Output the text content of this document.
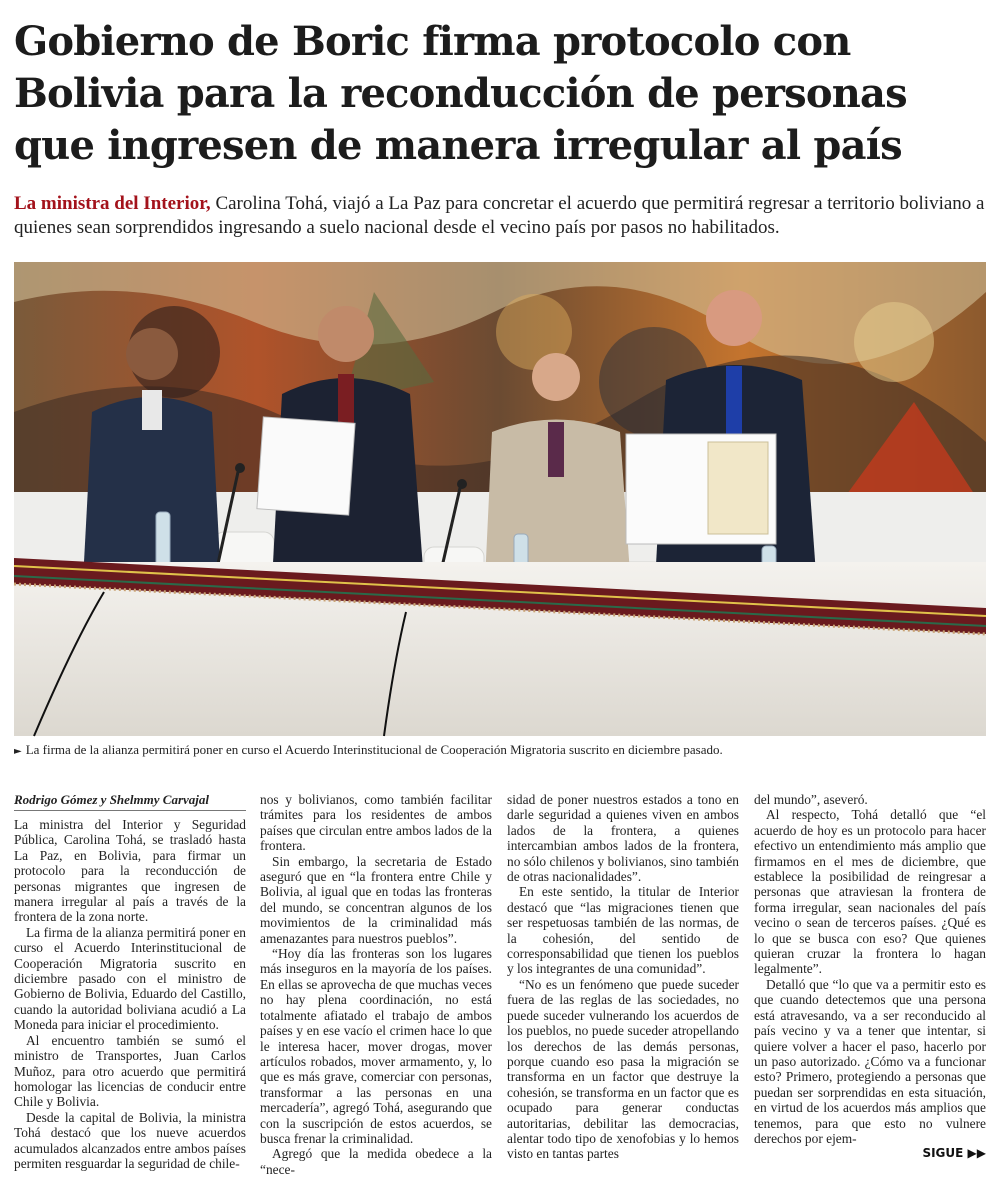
Gobierno de Boric firma protocolo con Bolivia para la reconducción de personas que ingresen de manera irregular al país

La ministra del Interior, Carolina Tohá, viajó a La Paz para concretar el acuerdo que permitirá regresar a territorio boliviano a quienes sean sorprendidos ingresando a suelo nacional desde el vecino país por pasos no habilitados.

► La firma de la alianza permitirá poner en curso el Acuerdo Interinstitucional de Cooperación Migratoria suscrito en diciembre pasado.

Rodrigo Gómez y Shelmmy Carvajal

La ministra del Interior y Seguridad Pública, Carolina Tohá, se trasladó hasta La Paz, en Bolivia, para firmar un protocolo para la reconducción de personas migrantes que ingresen de manera irregular al país a través de la frontera de la zona norte.

La firma de la alianza permitirá poner en curso el Acuerdo Interinstitucional de Cooperación Migratoria suscrito en diciembre pasado con el ministro de Gobierno de Bolivia, Eduardo del Castillo, cuando la autoridad boliviana acudió a La Moneda para iniciar el procedimiento.

Al encuentro también se sumó el ministro de Transportes, Juan Carlos Muñoz, para otro acuerdo que permitirá homologar las licencias de conducir entre Chile y Bolivia.

Desde la capital de Bolivia, la ministra Tohá destacó que los nueve acuerdos acumulados alcanzados entre ambos países permiten resguardar la seguridad de chile-

nos y bolivianos, como también facilitar trámites para los residentes de ambos países que circulan entre ambos lados de la frontera.

Sin embargo, la secretaria de Estado aseguró que en “la frontera entre Chile y Bolivia, al igual que en todas las fronteras del mundo, se concentran algunos de los movimientos de la criminalidad más amenazantes para nuestros pueblos”.

“Hoy día las fronteras son los lugares más inseguros en la mayoría de los países. En ellas se aprovecha de que muchas veces no hay plena coordinación, no está totalmente afiatado el trabajo de ambos países y en ese vacío el crimen hace lo que le interesa hacer, mover drogas, mover artículos robados, mover armamento, y, lo que es más grave, comerciar con personas, transformar a las personas en una mercadería”, agregó Tohá, asegurando que con la suscripción de estos acuerdos, se busca frenar la criminalidad.

Agregó que la medida obedece a la “nece-

sidad de poner nuestros estados a tono en darle seguridad a quienes viven en ambos lados de la frontera, a quienes intercambian ambos lados de la frontera, no sólo chilenos y bolivianos, sino también de otras nacionalidades”.

En este sentido, la titular de Interior destacó que “las migraciones tienen que ser respetuosas también de las normas, de la cohesión, del sentido de corresponsabilidad que tienen los pueblos y los integrantes de una comunidad”.

“No es un fenómeno que puede suceder fuera de las reglas de las sociedades, no puede suceder vulnerando los acuerdos de los pueblos, no puede suceder atropellando los derechos de las demás personas, porque cuando eso pasa la migración se transforma en un factor que destruye la cohesión, se transforma en un factor que es ocupado para generar conductas autoritarias, debilitar las democracias, alentar todo tipo de xenofobias y lo hemos visto en tantas partes

del mundo”, aseveró.

Al respecto, Tohá detalló que “el acuerdo de hoy es un protocolo para hacer efectivo un entendimiento más amplio que firmamos en el mes de diciembre, que establece la posibilidad de reingresar a personas que atraviesan la frontera de forma irregular, sean nacionales del país vecino o sean de terceros países. ¿Qué es lo que se busca con eso? Que quienes quieran cruzar la frontera lo hagan legalmente”.

Detalló que “lo que va a permitir esto es que cuando detectemos que una persona está atravesando, va a ser reconducido al país vecino y va a tener que intentar, si quiere volver a hacer el paso, hacerlo por un paso autorizado. ¿Cómo va a funcionar esto? Primero, protegiendo a personas que puedan ser sorprendidas en esta situación, en virtud de los acuerdos más amplios que tenemos, para que esto no vulnere derechos por ejem-

SIGUE ▶▶
